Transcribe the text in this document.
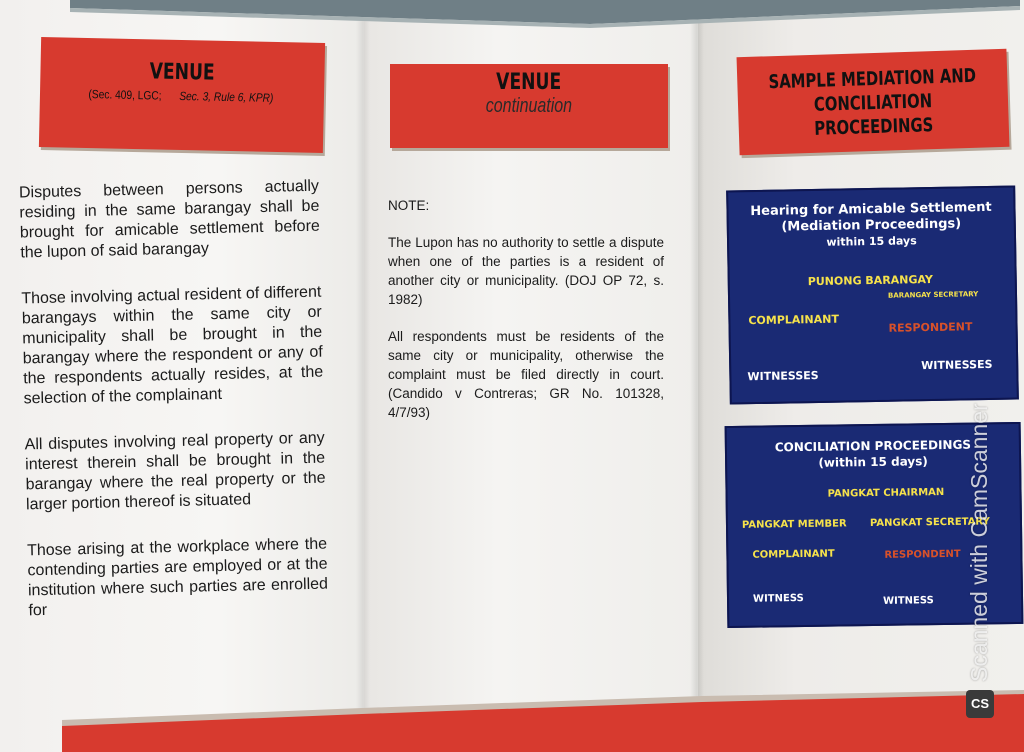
VENUE
(Sec. 409, LGC; Sec. 3, Rule 6, KPR)

Disputes between persons actually residing in the same barangay shall be brought for amicable settlement before the lupon of said barangay

Those involving actual resident of different barangays within the same city or municipality shall be brought in the barangay where the respondent or any of the respondents actually resides, at the selection of the complainant

All disputes involving real property or any interest therein shall be brought in the barangay where the real property or the larger portion thereof is situated

Those arising at the workplace where the contending parties are employed or at the institution where such parties are enrolled for

VENUE
continuation

NOTE:

The Lupon has no authority to settle a dispute when one of the parties is a resident of another city or municipality. (DOJ OP 72, s. 1982)

All respondents must be residents of the same city or municipality, otherwise the complaint must be filed directly in court. (Candido v Contreras; GR No. 101328, 4/7/93)

SAMPLE MEDIATION AND
CONCILIATION PROCEEDINGS
Hearing for Amicable Settlement
(Mediation Proceedings)
within 15 days
PUNONG BARANGAY
BARANGAY SECRETARY
COMPLAINANT
RESPONDENT
WITNESSES
WITNESSES
CONCILIATION PROCEEDINGS
(within 15 days)
PANGKAT CHAIRMAN
PANGKAT MEMBER PANGKAT SECRETARY
COMPLAINANT	RESPONDENT
WITNESS	WITNESS
CS
Scanned with CamScanner
